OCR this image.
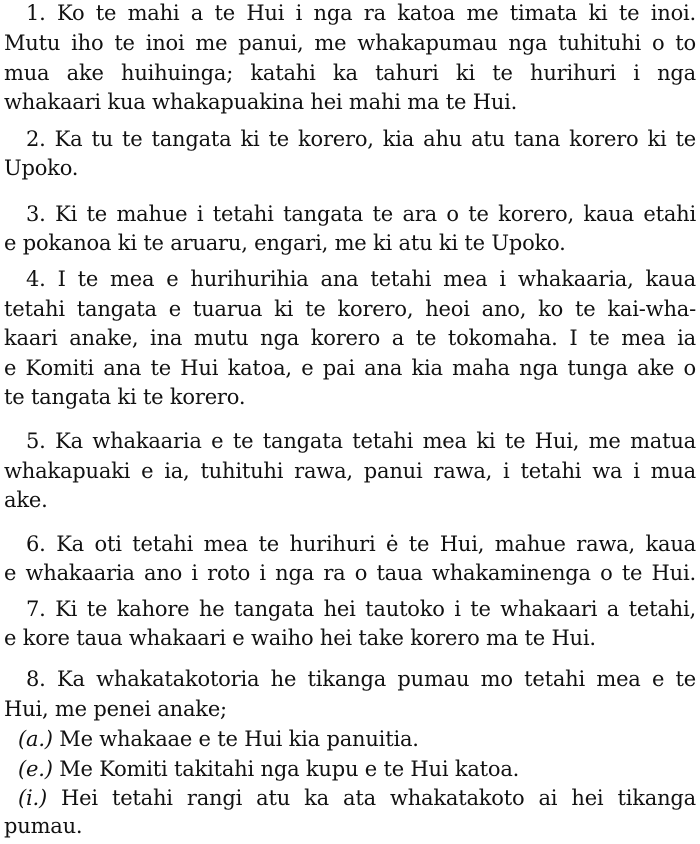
1. Ko te mahi a te Hui i nga ra katoa me timata ki te inoi.
Mutu iho te inoi me panui, me whakapumau nga tuhituhi o to
mua ake huihuinga; katahi ka tahuri ki te hurihuri i nga
whakaari kua whakapuakina hei mahi ma te Hui.
2. Ka tu te tangata ki te korero, kia ahu atu tana korero ki te
Upoko.
3. Ki te mahue i tetahi tangata te ara o te korero, kaua etahi
e pokanoa ki te aruaru, engari, me ki atu ki te Upoko.
4. I te mea e hurihurihia ana tetahi mea i whakaaria, kaua
tetahi tangata e tuarua ki te korero, heoi ano, ko te kai-wha-
kaari anake, ina mutu nga korero a te tokomaha. I te mea ia
e Komiti ana te Hui katoa, e pai ana kia maha nga tunga ake o
te tangata ki te korero.
5. Ka whakaaria e te tangata tetahi mea ki te Hui, me matua
whakapuaki e ia, tuhituhi rawa, panui rawa, i tetahi wa i mua
ake.
6. Ka oti tetahi mea te hurihuri ė te Hui, mahue rawa, kaua
e whakaaria ano i roto i nga ra o taua whakaminenga o te Hui.
7. Ki te kahore he tangata hei tautoko i te whakaari a tetahi,
e kore taua whakaari e waiho hei take korero ma te Hui.
8. Ka whakatakotoria he tikanga pumau mo tetahi mea e te
Hui, me penei anake;
(a.) Me whakaae e te Hui kia panuitia.
(e.) Me Komiti takitahi nga kupu e te Hui katoa.
(i.) Hei tetahi rangi atu ka ata whakatakoto ai hei tikanga
pumau.
